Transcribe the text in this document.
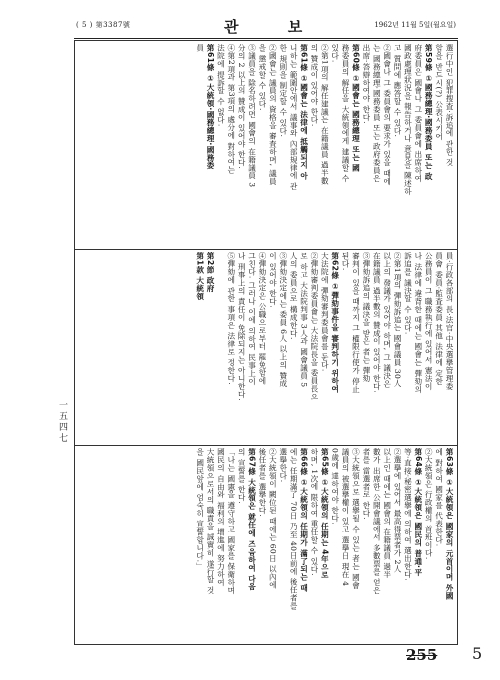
( 5 ) 第3387號	관 보	1962년 11월 5일(월요일)
選行中인 犯罪搜査·訴追에 관한 것
함을 반드시(?) 公表시키어
第59條 ①國務總理·國務委員 또는 政
府委員은 國會나 그 委員會에 出席하여
國政處理狀況을 報告하거나 意見을 陳述하
고 質問에 應答할 수 있다.
②國會나 그 委員會의 要求가 있을 때에
는 國務總理·國務委員 또는 政府委員은
出席·答辯하여야 한다.
第60條 ①國會는 國務總理 또는 國
務委員의 解任을 大統領에게 建議할 수
있다.
②第1項의 解任建議는 在籍議員 過半數
의 贊成이 있어야 한다.
第61條 ①國會는 法律에 抵觸되지 아
니하는 範圍안에서 議事와 內部規律에 관
한 規則을 制定할 수 있다.
②國會는 議員의 資格을 審査하며, 議員
을 懲戒할 수 있다.
③議員을 除名하려면 國會의 在籍議員 3
分의 2 以上의 贊成이 있어야 한다.
④第2項과 第3項의 處分에 對하여는
法院에 提訴할 수 없다.
第61條 ①大統領·國務總理·國務委
員
員·行政各部의 長·法官·中央選擧管理委
員會 委員·監査委員 其他 法律에 定한
公務員이 그 職務執行에 있어서 憲法이
나 法律에 違背한 때에는 國會는 彈劾의
訴追를 議決할 수 있다.
②第1項의 彈劾訴追는 國會議員 30人
以上의 發議가 있어야 하며, 그 議決은
在籍議員 過半數의 贊成이 있어야 한다.
③彈劾訴追의 議決을 받은 者는 彈劾
審判이 있을 때까지 그 權限行使가 停止
된다.
第62條 ①彈劾事件을 審判하기 위하여
大法院에 彈劾審判委員會를 둔다.
②彈劾審判委員會는 大法院長을 委員長으
로 하고 大法院判事 3人과 國會議員 5
人의 委員으로 構成한다.
③彈劾決定에는 委員 6人 以上의 贊成
이 있어야 한다.
④彈劾決定은 公職으로부터 罷免함에
그친다. 그러나 이에 의하여 民事上이
나 刑事上의 責任이 免除되지는 아니한다.
⑤彈劾에 관한 事項은 法律로 정한다.
第2節 政府
第1款 大統領
第63條 ①大統領은 國家의 元首이며 外國
에 對하여 國家를 代表한다.
②大統領은 行政權의 首班이다.
第64條 ①大統領은 國民의 普通·平
等·直接·秘密選擧에 의하여 選出한다.
②選擧에 있어서 最高得票者가 2人
以上인 때에는 國會의 在籍議員 過半
數가 出席한 公開會議에서 多數票를 얻은
者를 當選者로 한다.
③大統領으로 選擧될 수 있는 者는 國會
議員의 被選擧權이 있고 選擧日 現在 4
0歲에 達하여야 한다.
第65條 ①大統領의 任期는 4年으로
하며, 1次에 限하여 重任할 수 있다.
第66條 ①大統領의 任期가 滿了되는 때
에는 任期滿了 70日 乃至 40日前에 後任者를
選擧한다.
②大統領이 闕位된 때에는 60日 以內에
後任者를 選擧한다.
第67條 大統領은 就任에 즈음하여 다음
의 宣誓를 한다.
「나는 國憲을 遵守하고 國家를 保衛하며
國民의 自由와 福利의 增進에 努力하여
大統領으로서의 職責을 誠實히 遂行할 것
을 國民앞에 엄숙히 宣誓합니다.」
一五四七
255 5
